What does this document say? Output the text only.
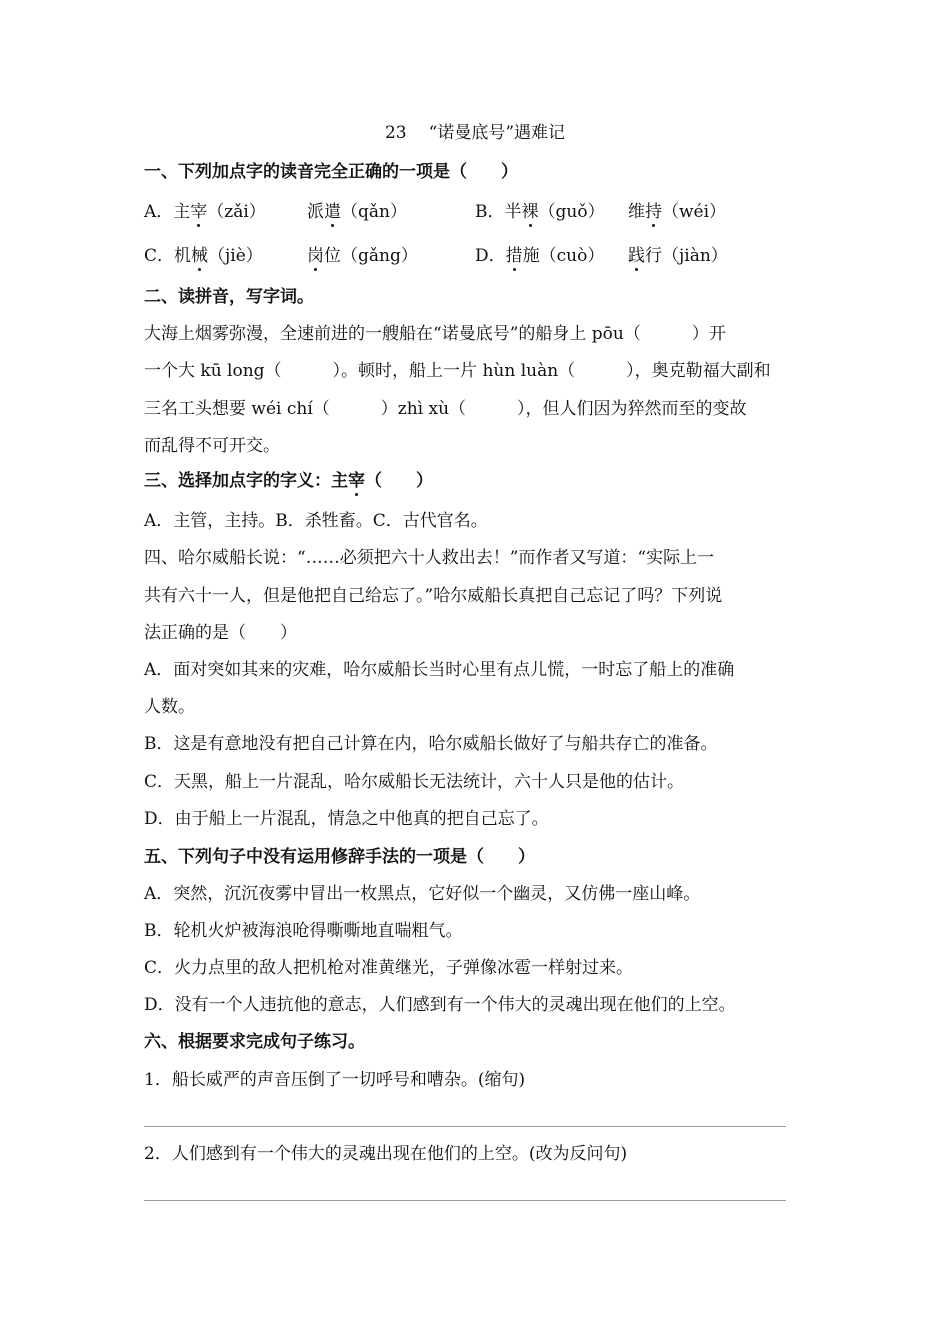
23 “诺曼底号”遇难记
一、下列加点字的读音完全正确的一项是（　　）
A．主宰（zǎi） 派遣（qǎn）	B．半裸（guǒ） 维持（wéi）
C．机械（jiè）	岗位（gǎng）	D．措施（cuò） 践行（jiàn）
二、读拼音，写字词。
大海上烟雾弥漫，全速前进的一艘船在“诺曼底号”的船身上 pōu（　　　）开
一个大 kū long（　　　）。顿时，船上一片 hùn luàn（　　　），奥克勒福大副和
三名工头想要 wéi chí（　　　）zhì xù（　　　），但人们因为猝然而至的变故
而乱得不可开交。
三、选择加点字的字义：主宰（　　）
A．主管，主持。B．杀牲畜。C．古代官名。
四、哈尔威船长说：“……必须把六十人救出去！”而作者又写道：“实际上一
共有六十一人，但是他把自己给忘了。”哈尔威船长真把自己忘记了吗？下列说
法正确的是（　　）
A．面对突如其来的灾难，哈尔威船长当时心里有点儿慌，一时忘了船上的准确
人数。
B．这是有意地没有把自己计算在内，哈尔威船长做好了与船共存亡的准备。
C．天黑，船上一片混乱，哈尔威船长无法统计，六十人只是他的估计。
D．由于船上一片混乱，情急之中他真的把自己忘了。
五、下列句子中没有运用修辞手法的一项是（　　）
A．突然，沉沉夜雾中冒出一枚黑点，它好似一个幽灵，又仿佛一座山峰。
B．轮机火炉被海浪呛得嘶嘶地直喘粗气。
C．火力点里的敌人把机枪对准黄继光，子弹像冰雹一样射过来。
D．没有一个人违抗他的意志，人们感到有一个伟大的灵魂出现在他们的上空。
六、根据要求完成句子练习。
1．船长威严的声音压倒了一切呼号和嘈杂。(缩句)
2．人们感到有一个伟大的灵魂出现在他们的上空。(改为反问句)
